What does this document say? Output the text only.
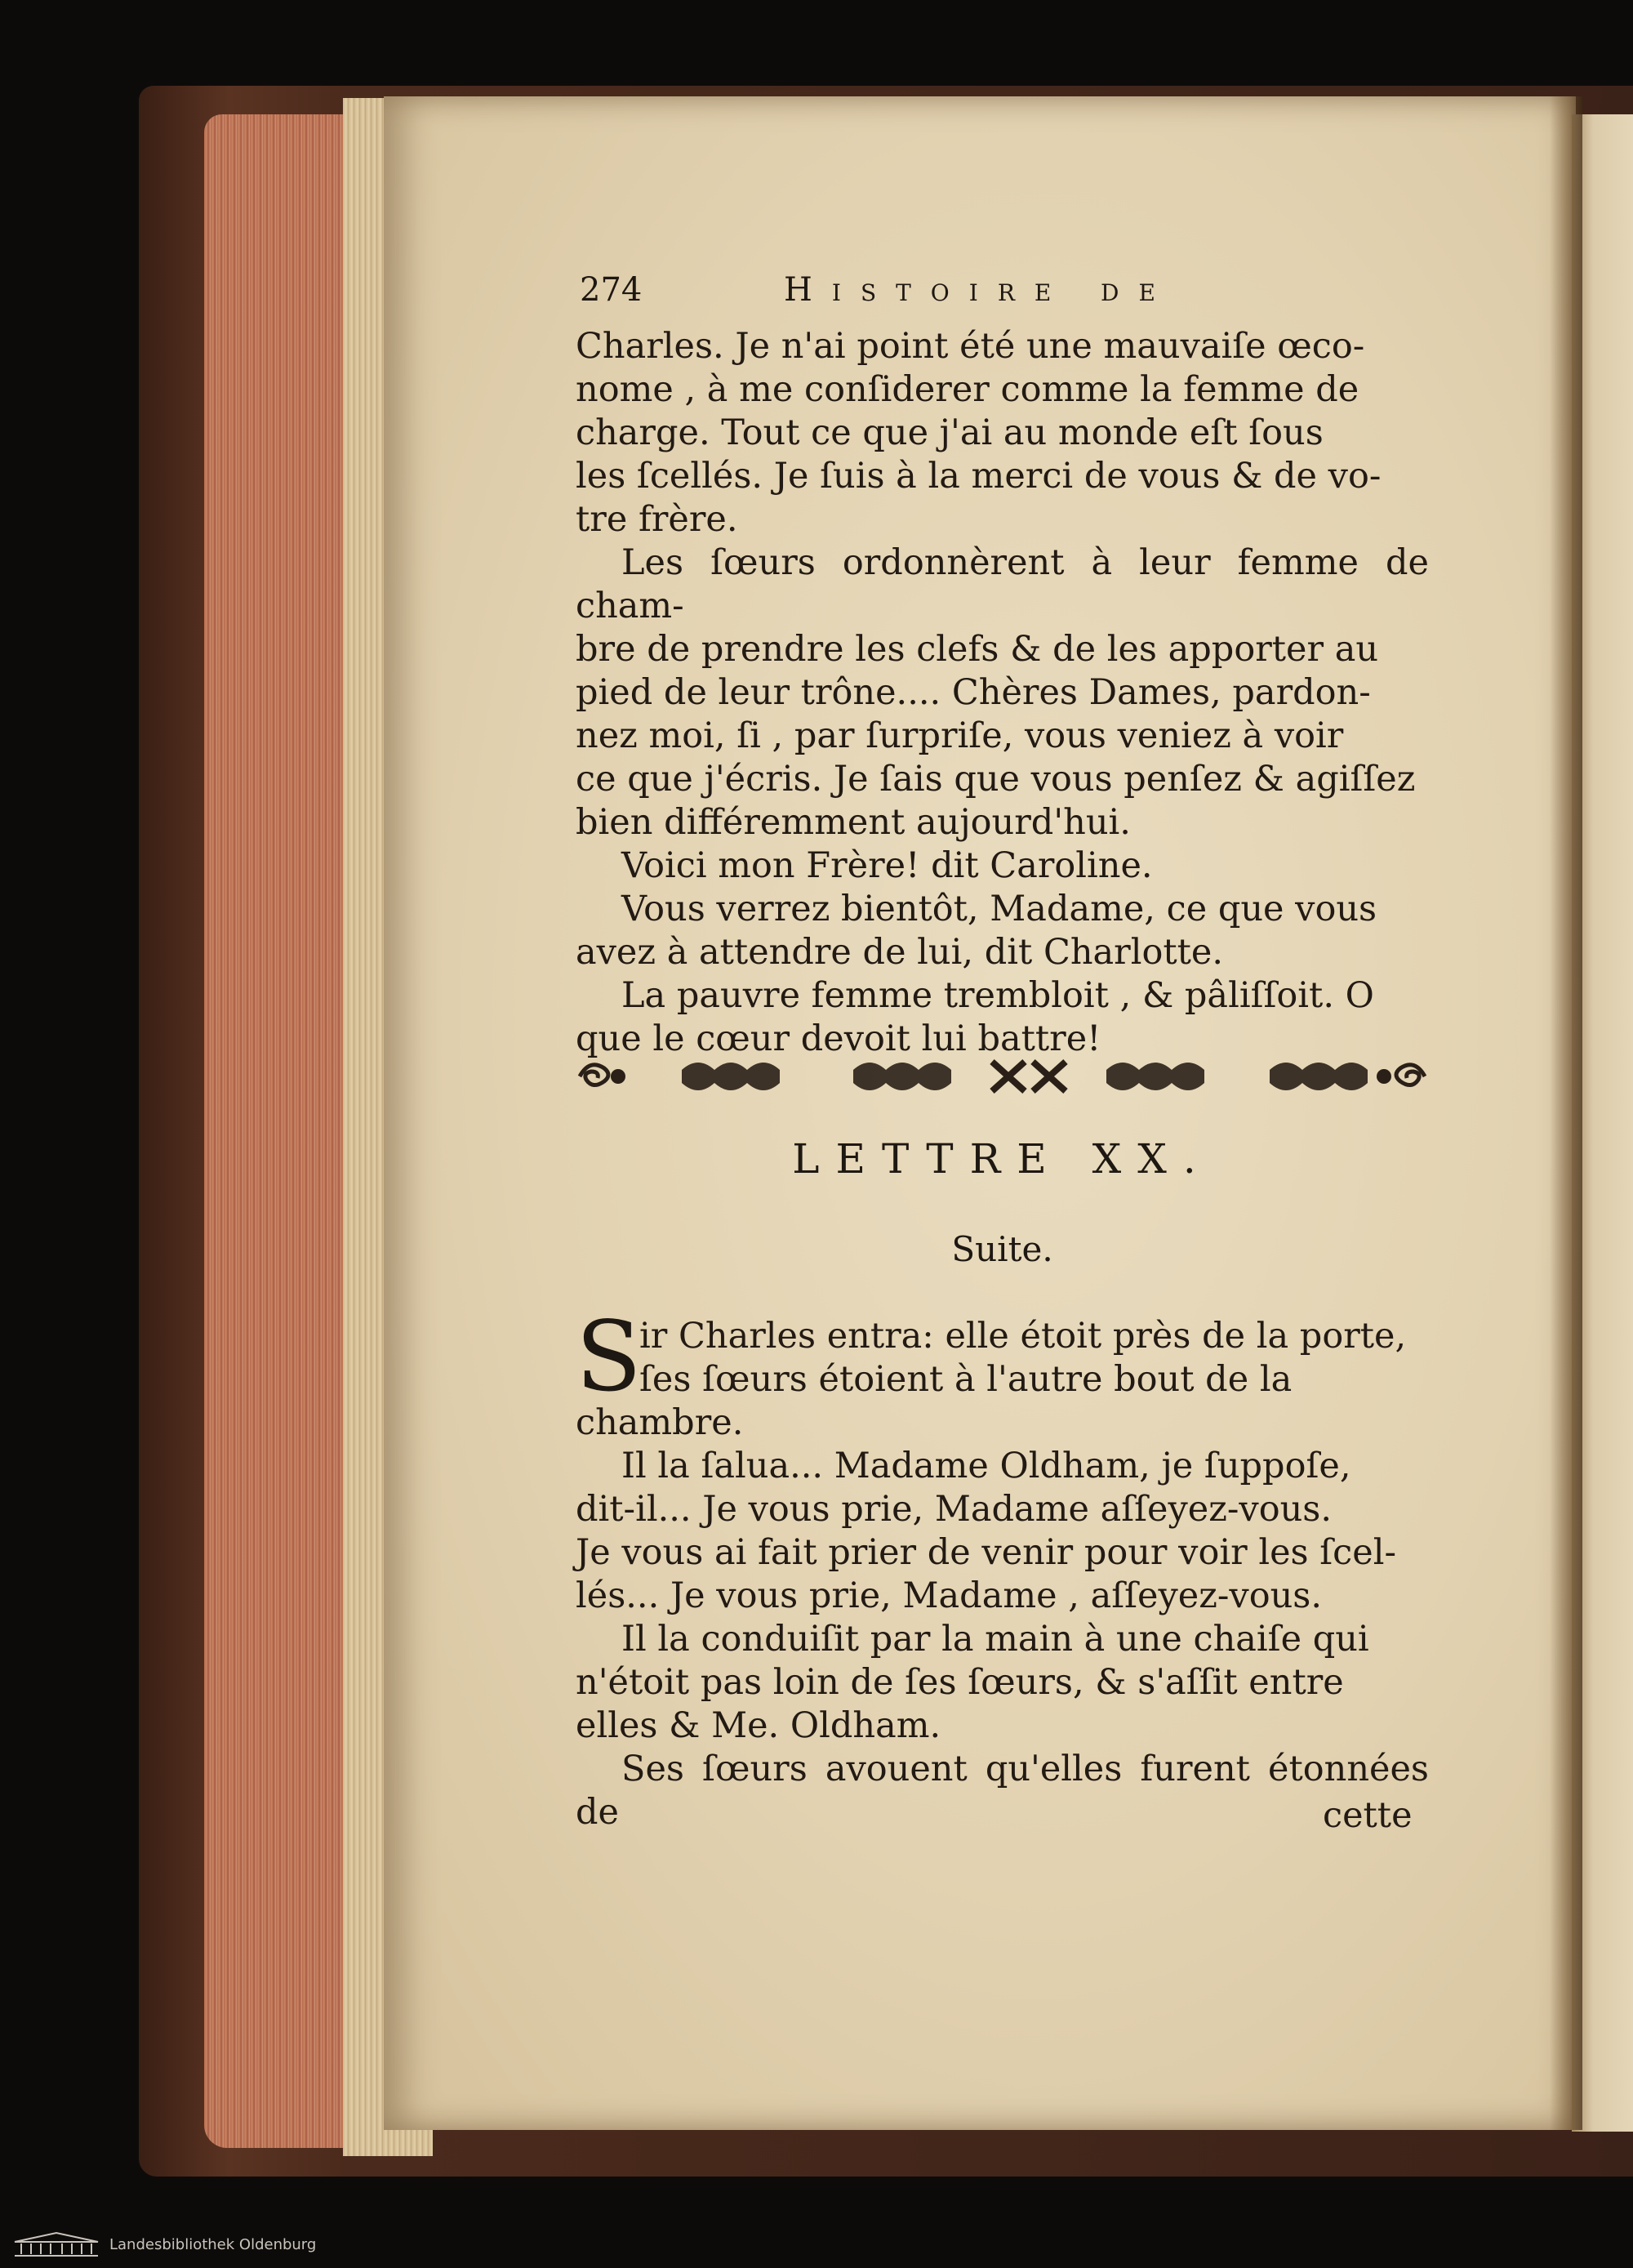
274	Histoire de

Charles. Je n'ai point été une mauvaiſe œco-

nome , à me conſiderer comme la femme de

charge. Tout ce que j'ai au monde eſt ſous

les ſcellés. Je ſuis à la merci de vous & de vo-

tre frère.

Les ſœurs ordonnèrent à leur femme de cham-

bre de prendre les clefs & de les apporter au

pied de leur trône.... Chères Dames, pardon-

nez moi, ſi , par ſurpriſe, vous veniez à voir

ce que j'écris. Je ſais que vous penſez & agiſſez

bien différemment aujourd'hui.

Voici mon Frère! dit Caroline.

Vous verrez bientôt, Madame, ce que vous

avez à attendre de lui, dit Charlotte.

La pauvre femme trembloit , & pâliſſoit. O

que le cœur devoit lui battre!

LETTRE XX.
Suite.
S

ir Charles entra: elle étoit près de la porte,

ſes ſœurs étoient à l'autre bout de la

chambre.

Il la ſalua... Madame Oldham, je ſuppoſe,

dit-il... Je vous prie, Madame aſſeyez-vous.

Je vous ai fait prier de venir pour voir les ſcel-

lés... Je vous prie, Madame , aſſeyez-vous.

Il la conduiſit par la main à une chaiſe qui

n'étoit pas loin de ſes ſœurs, & s'aſſit entre

elles & Me. Oldham.

Ses ſœurs avouent qu'elles furent étonnées de	cette
Landesbibliothek Oldenburg
